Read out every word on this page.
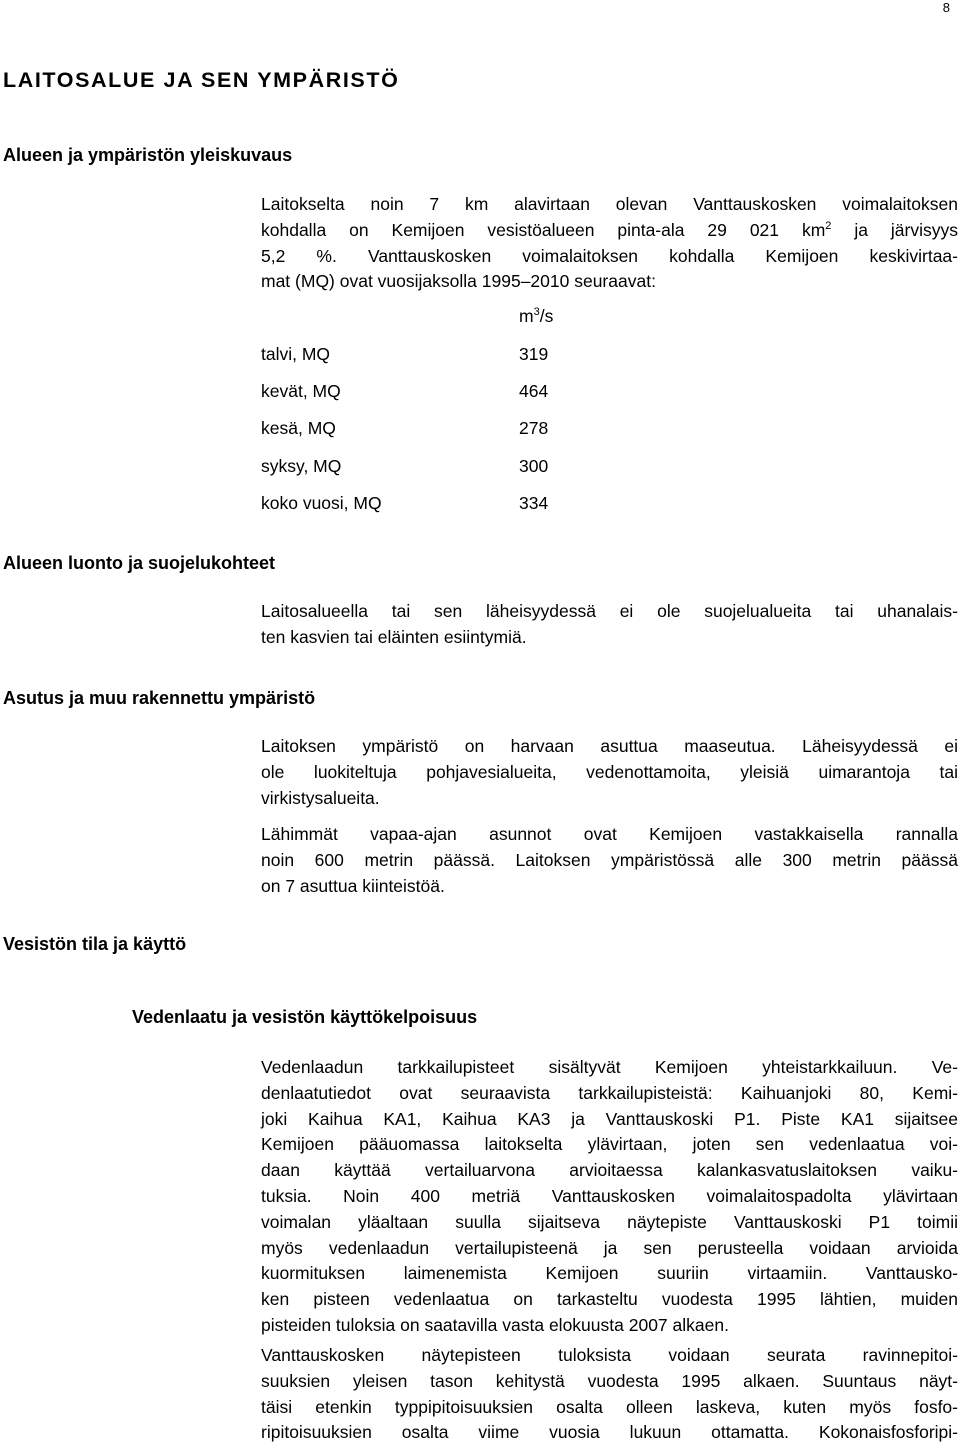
8
LAITOSALUE JA SEN YMPÄRISTÖ
Alueen ja ympäristön yleiskuvaus
Laitokselta noin 7 km alavirtaan olevan Vanttauskosken voimalaitoksen
kohdalla on Kemijoen vesistöalueen pinta-ala 29 021 $km^2$ ja järvisyys
5,2 %. Vanttauskosken voimalaitoksen kohdalla Kemijoen keskivirtaa-
mat (MQ) ovat vuosijaksolla 1995–2010 seuraavat:
$m^3/s$
talvi, MQ	319
kevät, MQ	464
kesä, MQ	278
syksy, MQ	300
koko vuosi, MQ	334
Alueen luonto ja suojelukohteet
Laitosalueella tai sen läheisyydessä ei ole suojelualueita tai uhanalais-
ten kasvien tai eläinten esiintymiä.
Asutus ja muu rakennettu ympäristö
Laitoksen ympäristö on harvaan asuttua maaseutua. Läheisyydessä ei
ole luokiteltuja pohjavesialueita, vedenottamoita, yleisiä uimarantoja tai
virkistysalueita.
Lähimmät vapaa-ajan asunnot ovat Kemijoen vastakkaisella rannalla
noin 600 metrin päässä. Laitoksen ympäristössä alle 300 metrin päässä
on 7 asuttua kiinteistöä.
Vesistön tila ja käyttö
Vedenlaatu ja vesistön käyttökelpoisuus
Vedenlaadun tarkkailupisteet sisältyvät Kemijoen yhteistarkkailuun. Ve-
denlaatutiedot ovat seuraavista tarkkailupisteistä: Kaihuanjoki 80, Kemi-
joki Kaihua KA1, Kaihua KA3 ja Vanttauskoski P1. Piste KA1 sijaitsee
Kemijoen pääuomassa laitokselta ylävirtaan, joten sen vedenlaatua voi-
daan käyttää vertailuarvona arvioitaessa kalankasvatuslaitoksen vaiku-
tuksia. Noin 400 metriä Vanttauskosken voimalaitospadolta ylävirtaan
voimalan yläaltaan suulla sijaitseva näytepiste Vanttauskoski P1 toimii
myös vedenlaadun vertailupisteenä ja sen perusteella voidaan arvioida
kuormituksen laimenemista Kemijoen suuriin virtaamiin. Vanttausko-
ken pisteen vedenlaatua on tarkasteltu vuodesta 1995 lähtien, muiden
pisteiden tuloksia on saatavilla vasta elokuusta 2007 alkaen.
Vanttauskosken näytepisteen tuloksista voidaan seurata ravinnepitoi-
suuksien yleisen tason kehitystä vuodesta 1995 alkaen. Suuntaus näyt-
täisi etenkin typpipitoisuuksien osalta olleen laskeva, kuten myös fosfo-
ripitoisuuksien osalta viime vuosia lukuun ottamatta. Kokonaisfosforipi-
